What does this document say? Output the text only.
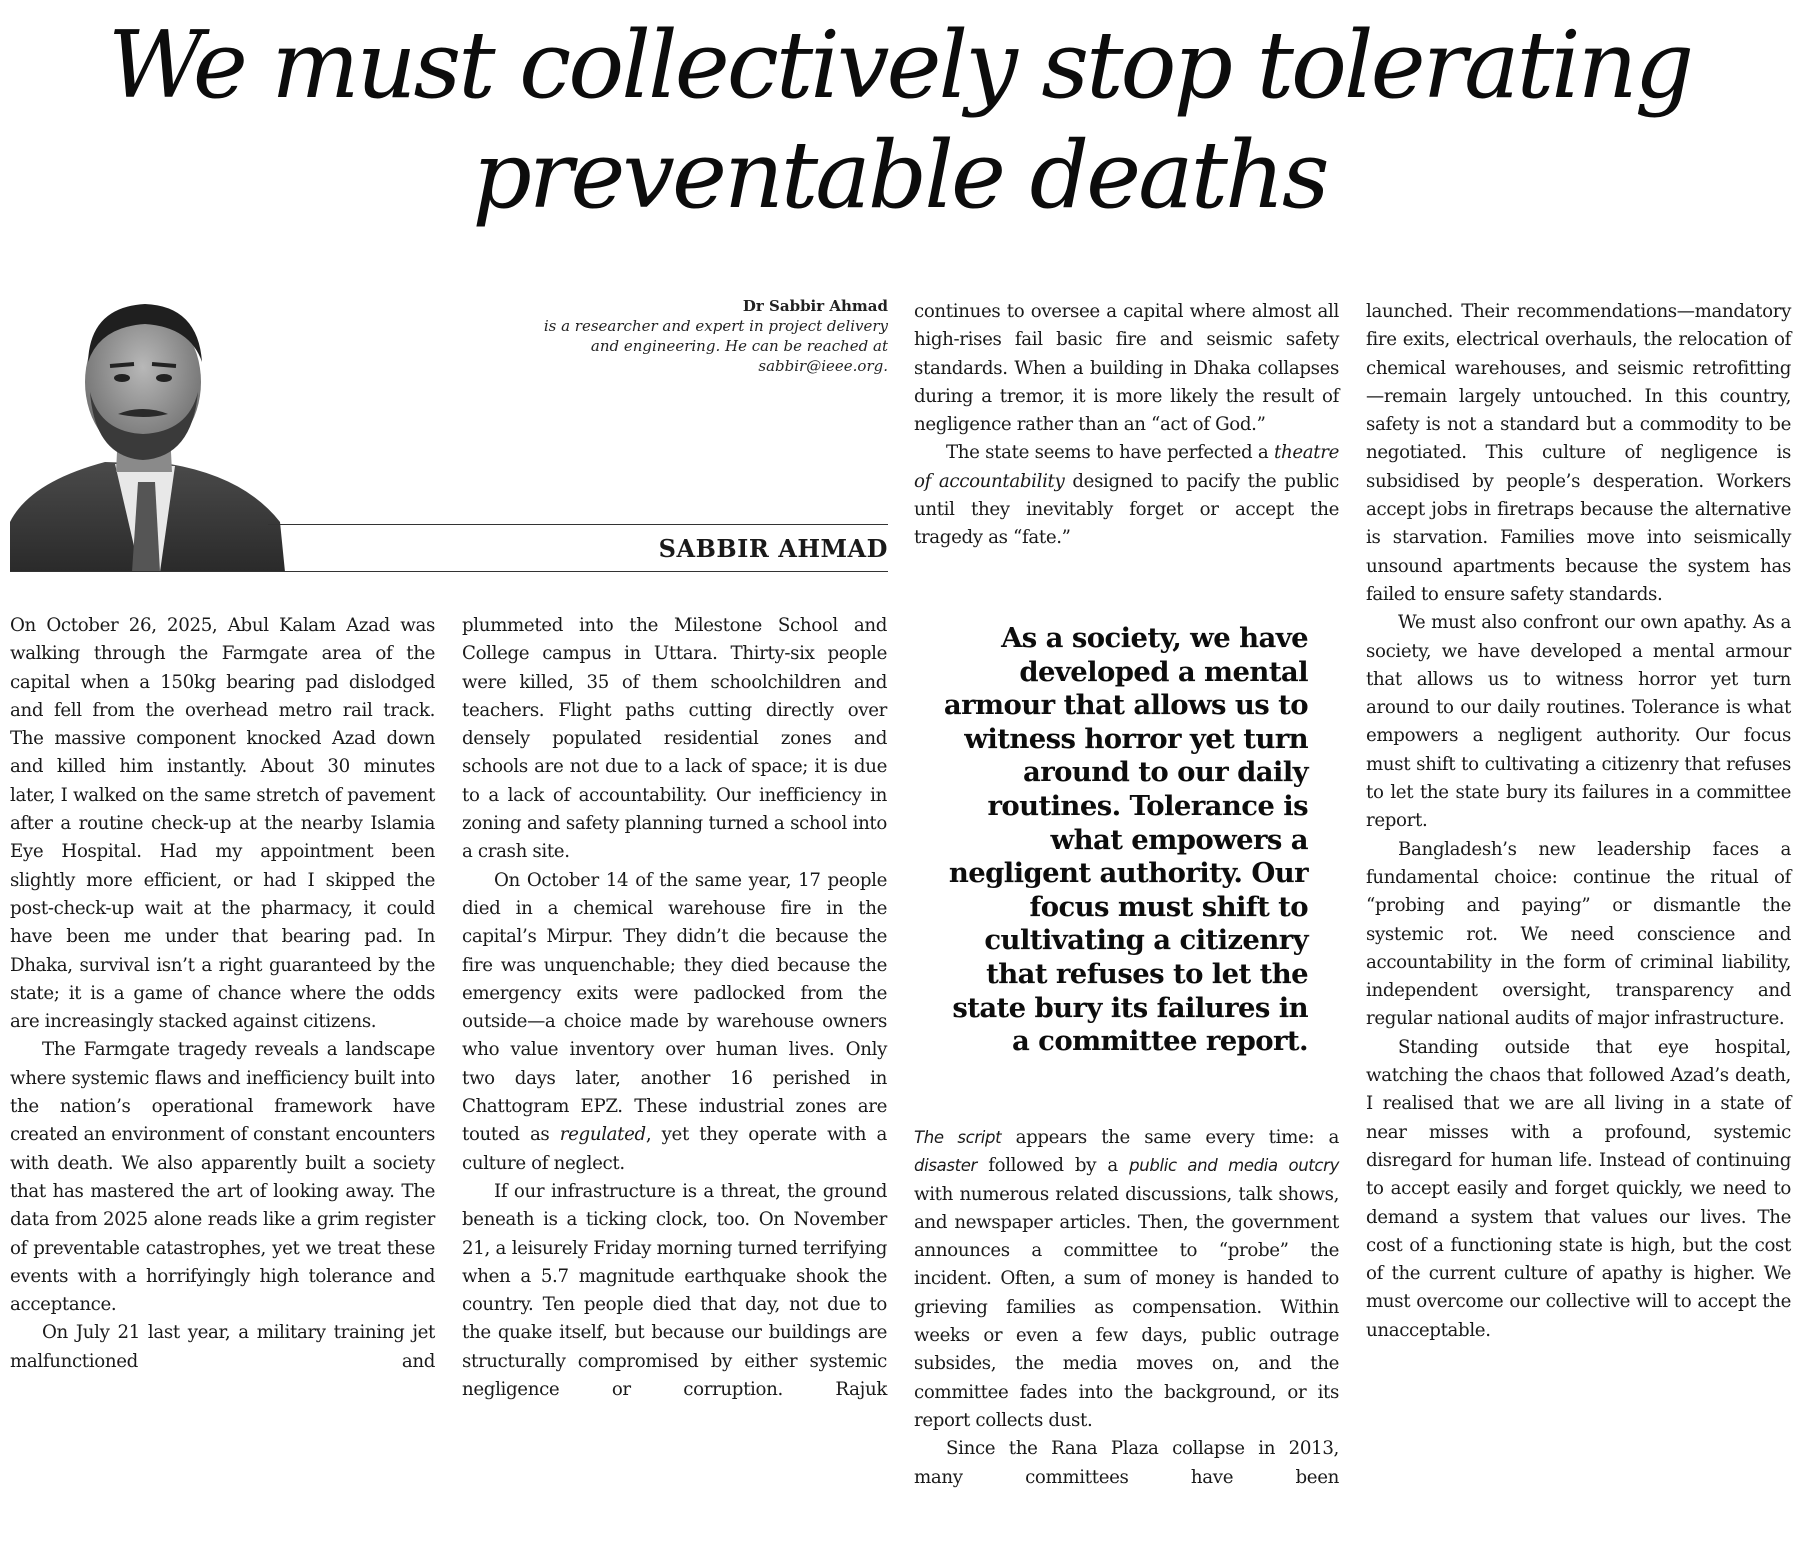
We must collectively stop tolerating preventable deaths
Dr Sabbir Ahmad
is a researcher and expert in project delivery
and engineering. He can be reached at
sabbir@ieee.org.
SABBIR AHMAD

On October 26, 2025, Abul Kalam Azad was walking through the Farmgate area of the capital when a 150kg bearing pad dislodged and fell from the overhead metro rail track. The massive component knocked Azad down and killed him instantly. About 30 minutes later, I walked on the same stretch of pavement after a routine check-up at the nearby Islamia Eye Hospital. Had my appointment been slightly more efficient, or had I skipped the post-check-up wait at the pharmacy, it could have been me under that bearing pad. In Dhaka, survival isn’t a right guaranteed by the state; it is a game of chance where the odds are increasingly stacked against citizens.

The Farmgate tragedy reveals a landscape where systemic flaws and inefficiency built into the nation’s operational framework have created an environment of constant encounters with death. We also apparently built a society that has mastered the art of looking away. The data from 2025 alone reads like a grim register of preventable catastrophes, yet we treat these events with a horrifyingly high tolerance and acceptance.

On July 21 last year, a military training jet malfunctioned and

plummeted into the Milestone School and College campus in Uttara. Thirty-six people were killed, 35 of them schoolchildren and teachers. Flight paths cutting directly over densely populated residential zones and schools are not due to a lack of space; it is due to a lack of accountability. Our inefficiency in zoning and safety planning turned a school into a crash site.

On October 14 of the same year, 17 people died in a chemical warehouse fire in the capital’s Mirpur. They didn’t die because the fire was unquenchable; they died because the emergency exits were padlocked from the outside—a choice made by warehouse owners who value inventory over human lives. Only two days later, another 16 perished in Chattogram EPZ. These industrial zones are touted as regulated, yet they operate with a culture of neglect.

If our infrastructure is a threat, the ground beneath is a ticking clock, too. On November 21, a leisurely Friday morning turned terrifying when a 5.7 magnitude earthquake shook the country. Ten people died that day, not due to the quake itself, but because our buildings are structurally compromised by either systemic negligence or corruption. Rajuk

continues to oversee a capital where almost all high-rises fail basic fire and seismic safety standards. When a building in Dhaka collapses during a tremor, it is more likely the result of negligence rather than an “act of God.”

The state seems to have perfected a theatre of accountability designed to pacify the public until they inevitably forget or accept the tragedy as “fate.”

As a society, we have developed a mental armour that allows us to witness horror yet turn around to our daily routines. Tolerance is what empowers a negligent authority. Our focus must shift to cultivating a citizenry that refuses to let the state bury its failures in a committee report.

The script appears the same every time: a disaster followed by a public and media outcry with numerous related discussions, talk shows, and newspaper articles. Then, the government announces a committee to “probe” the incident. Often, a sum of money is handed to grieving families as compensation. Within weeks or even a few days, public outrage subsides, the media moves on, and the committee fades into the background, or its report collects dust.

Since the Rana Plaza collapse in 2013, many committees have been

launched. Their recommendations—mandatory fire exits, electrical overhauls, the relocation of chemical warehouses, and seismic retrofitting—remain largely untouched. In this country, safety is not a standard but a commodity to be negotiated. This culture of negligence is subsidised by people’s desperation. Workers accept jobs in firetraps because the alternative is starvation. Families move into seismically unsound apartments because the system has failed to ensure safety standards.

We must also confront our own apathy. As a society, we have developed a mental armour that allows us to witness horror yet turn around to our daily routines. Tolerance is what empowers a negligent authority. Our focus must shift to cultivating a citizenry that refuses to let the state bury its failures in a committee report.

Bangladesh’s new leadership faces a fundamental choice: continue the ritual of “probing and paying” or dismantle the systemic rot. We need conscience and accountability in the form of criminal liability, independent oversight, transparency and regular national audits of major infrastructure.

Standing outside that eye hospital, watching the chaos that followed Azad’s death, I realised that we are all living in a state of near misses with a profound, systemic disregard for human life. Instead of continuing to accept easily and forget quickly, we need to demand a system that values our lives. The cost of a functioning state is high, but the cost of the current culture of apathy is higher. We must overcome our collective will to accept the unacceptable.
